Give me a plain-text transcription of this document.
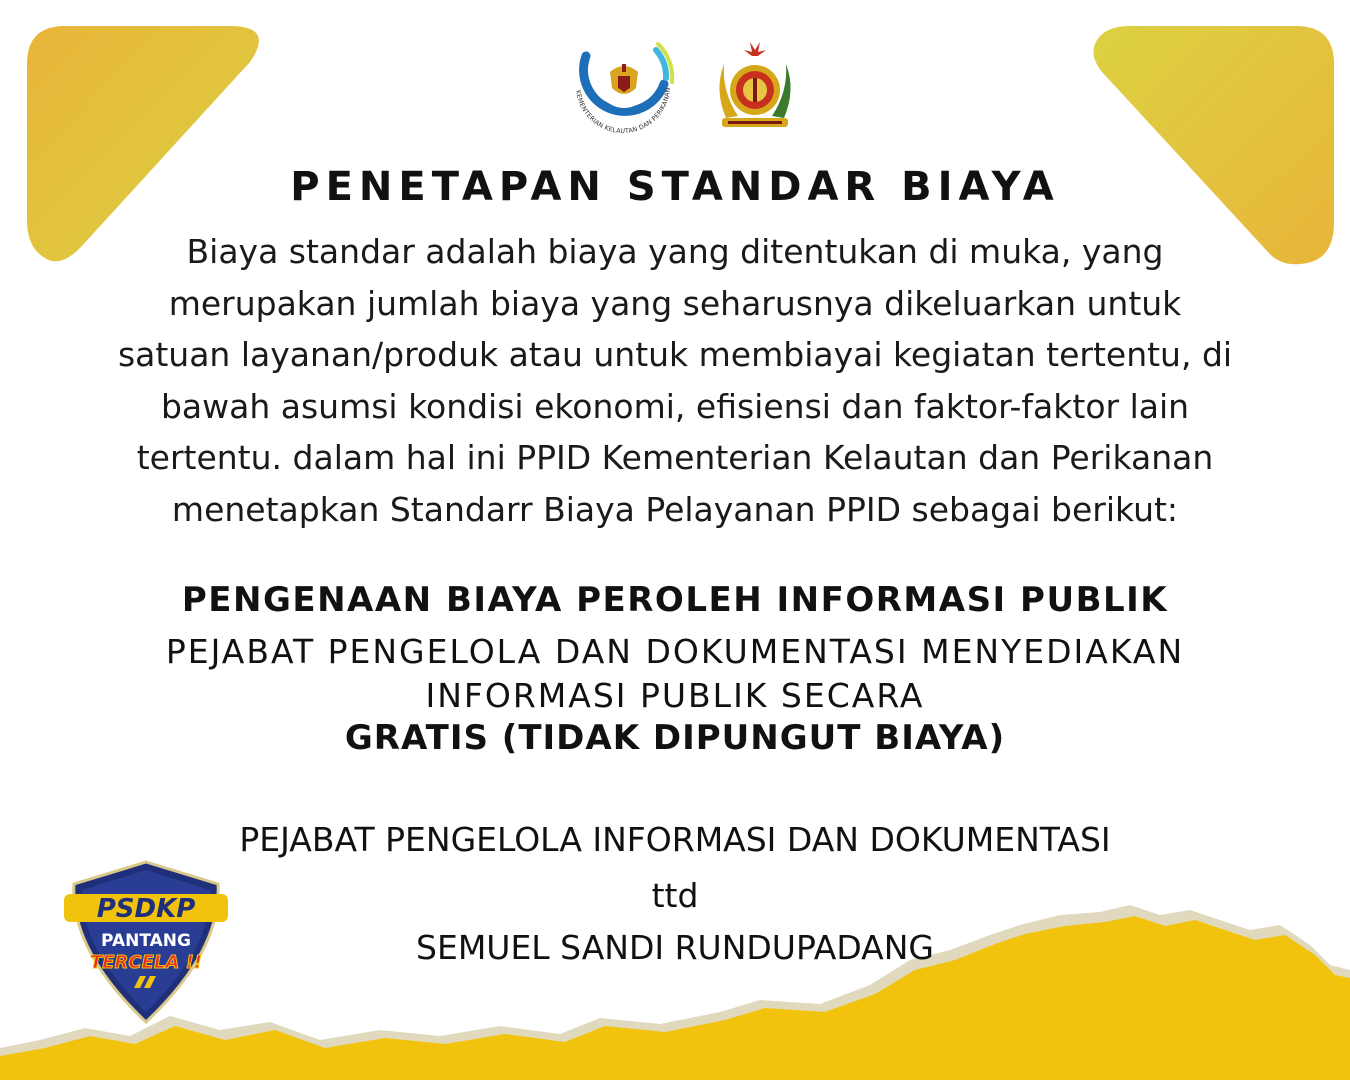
KEMENTERIAN KELAUTAN DAN PERIKANAN
PSDKP
PANTANG
TERCELA !!
PENETAPAN STANDAR BIAYA
Biaya standar adalah biaya yang ditentukan di muka, yang
merupakan jumlah biaya yang seharusnya dikeluarkan untuk
satuan layanan/produk atau untuk membiayai kegiatan tertentu, di
bawah asumsi kondisi ekonomi, efisiensi dan faktor-faktor lain
tertentu. dalam hal ini PPID Kementerian Kelautan dan Perikanan
menetapkan Standarr Biaya Pelayanan PPID sebagai berikut:
PENGENAAN BIAYA PEROLEH INFORMASI PUBLIK
PEJABAT PENGELOLA DAN DOKUMENTASI MENYEDIAKAN
INFORMASI PUBLIK SECARA
GRATIS (TIDAK DIPUNGUT BIAYA)
PEJABAT PENGELOLA INFORMASI DAN DOKUMENTASI
ttd
SEMUEL SANDI RUNDUPADANG
